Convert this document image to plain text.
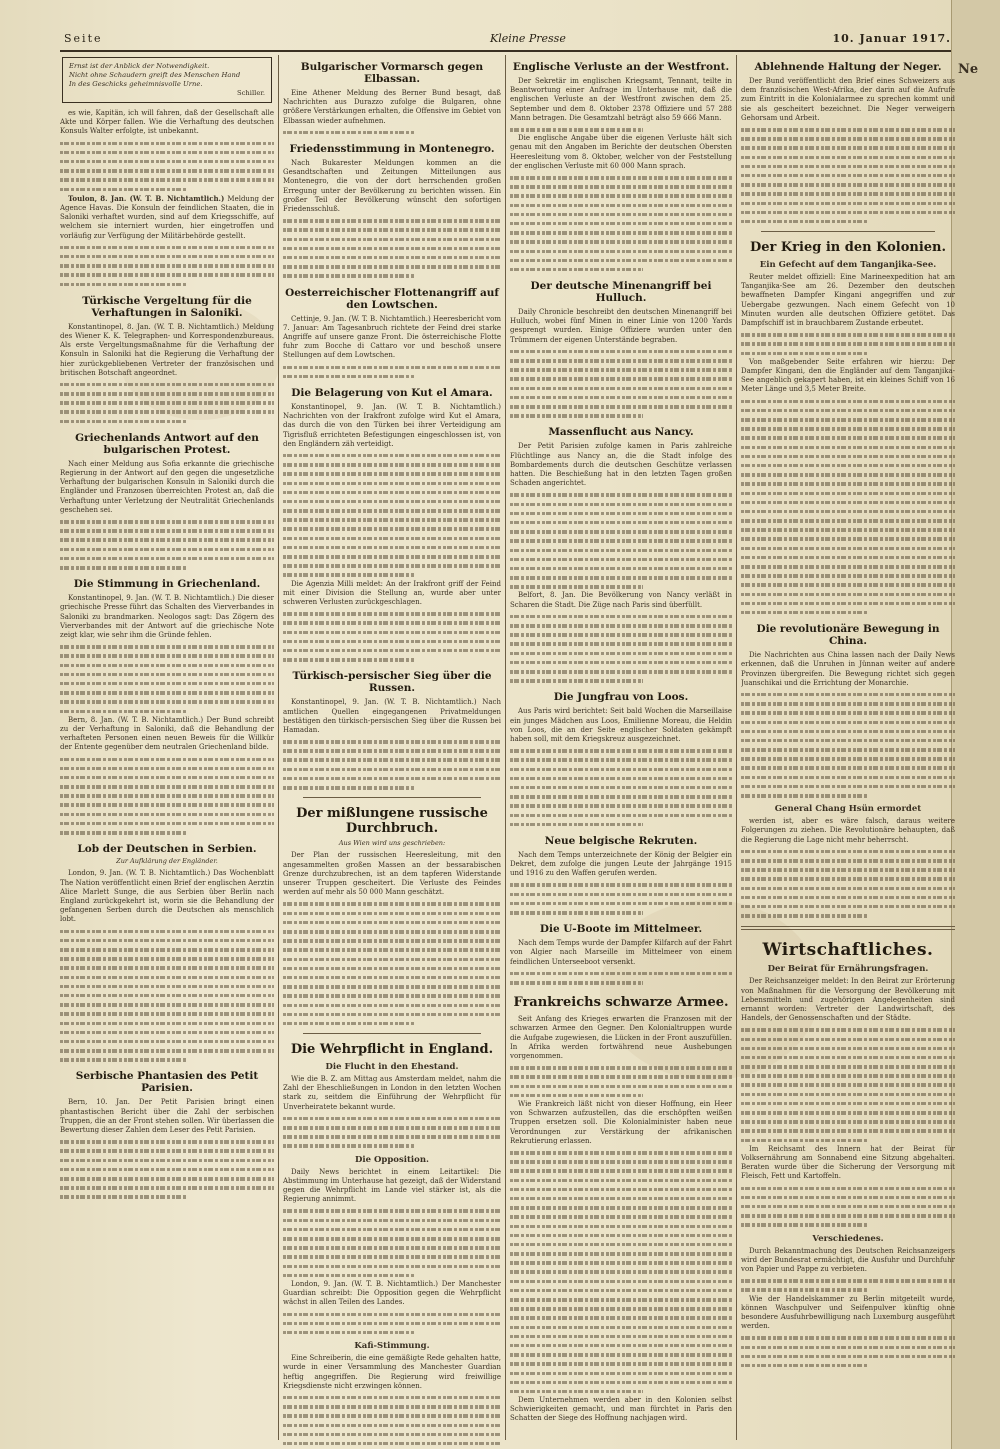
Seite	Kleine Presse	10. Januar 1917.
Ne
Ernst ist der Anblick der Notwendigkeit.
Nicht ohne Schaudern greift des Menschen Hand
In des Geschicks geheimnisvolle Urne.
Schiller.

es wie, Kapitän, ich will fahren, daß der Gesellschaft alle Akte und Körper fallen. Wie die Verhaftung des deutschen Konsuls Walter erfolgte, ist unbekannt.

Toulon, 8. Jan. (W. T. B. Nichtamtlich.) Meldung der Agence Havas. Die Konsuln der feindlichen Staaten, die in Saloniki verhaftet wurden, sind auf dem Kriegsschiffe, auf welchem sie interniert wurden, hier eingetroffen und vorläufig zur Verfügung der Militärbehörde gestellt.

Türkische Vergeltung für die Verhaftungen in Saloniki.

Konstantinopel, 8. Jan. (W. T. B. Nichtamtlich.) Meldung des Wiener K. K. Telegraphen- und Korrespondenzbureaus. Als erste Vergeltungsmaßnahme für die Verhaftung der Konsuln in Saloniki hat die Regierung die Verhaftung der hier zurückgebliebenen Vertreter der französischen und britischen Botschaft angeordnet.

Griechenlands Antwort auf den bulgarischen Protest.

Nach einer Meldung aus Sofia erkannte die griechische Regierung in der Antwort auf den gegen die ungesetzliche Verhaftung der bulgarischen Konsuln in Saloniki durch die Engländer und Franzosen überreichten Protest an, daß die Verhaftung unter Verletzung der Neutralität Griechenlands geschehen sei.

Die Stimmung in Griechenland.

Konstantinopel, 9. Jan. (W. T. B. Nichtamtlich.) Die dieser griechische Presse führt das Schalten des Vierverbandes in Saloniki zu brandmarken. Neologos sagt: Das Zögern des Vierverbandes mit der Antwort auf die griechische Note zeigt klar, wie sehr ihm die Gründe fehlen.

Bern, 8. Jan. (W. T. B. Nichtamtlich.) Der Bund schreibt zu der Verhaftung in Saloniki, daß die Behandlung der verhafteten Personen einen neuen Beweis für die Willkür der Entente gegenüber dem neutralen Griechenland bilde.

Lob der Deutschen in Serbien.
Zur Aufklärung der Engländer.

London, 9. Jan. (W. T. B. Nichtamtlich.) Das Wochenblatt The Nation veröffentlicht einen Brief der englischen Aerztin Alice Marlett Sunge, die aus Serbien über Berlin nach England zurückgekehrt ist, worin sie die Behandlung der gefangenen Serben durch die Deutschen als menschlich lobt.

Serbische Phantasien des Petit Parisien.

Bern, 10. Jan. Der Petit Parisien bringt einen phantastischen Bericht über die Zahl der serbischen Truppen, die an der Front stehen sollen. Wir überlassen die Bewertung dieser Zahlen dem Leser des Petit Parisien.

Bulgarischer Vormarsch gegen Elbassan.

Eine Athener Meldung des Berner Bund besagt, daß Nachrichten aus Durazzo zufolge die Bulgaren, ohne größere Verstärkungen erhalten, die Offensive im Gebiet von Elbassan wieder aufnehmen.

Friedensstimmung in Montenegro.

Nach Bukarester Meldungen kommen an die Gesandtschaften und Zeitungen Mitteilungen aus Montenegro, die von der dort herrschenden großen Erregung unter der Bevölkerung zu berichten wissen. Ein großer Teil der Bevölkerung wünscht den sofortigen Friedensschluß.

Oesterreichischer Flottenangriff auf den Lowtschen.

Cettinje, 9. Jan. (W. T. B. Nichtamtlich.) Heeresbericht vom 7. Januar: Am Tagesanbruch richtete der Feind drei starke Angriffe auf unsere ganze Front. Die österreichische Flotte fuhr zum Bocche di Cattaro vor und beschoß unsere Stellungen auf dem Lowtschen.

Die Belagerung von Kut el Amara.

Konstantinopel, 9. Jan. (W. T. B. Nichtamtlich.) Nachrichten von der Irakfront zufolge wird Kut el Amara, das durch die von den Türken bei ihrer Verteidigung am Tigrisfluß errichteten Befestigungen eingeschlossen ist, von den Engländern zäh verteidigt.

Die Agenzia Milli meldet: An der Irakfront griff der Feind mit einer Division die Stellung an, wurde aber unter schweren Verlusten zurückgeschlagen.

Türkisch-persischer Sieg über die Russen.

Konstantinopel, 9. Jan. (W. T. B. Nichtamtlich.) Nach amtlichen Quellen eingegangenen Privatmeldungen bestätigen den türkisch-persischen Sieg über die Russen bei Hamadan.

Der mißlungene russische Durchbruch.
Aus Wien wird uns geschrieben:

Der Plan der russischen Heeresleitung, mit den angesammelten großen Massen an der bessarabischen Grenze durchzubrechen, ist an dem tapferen Widerstande unserer Truppen gescheitert. Die Verluste des Feindes werden auf mehr als 50 000 Mann geschätzt.

Die Wehrpflicht in England.
Die Flucht in den Ehestand.

Wie die B. Z. am Mittag aus Amsterdam meldet, nahm die Zahl der Eheschließungen in London in den letzten Wochen stark zu, seitdem die Einführung der Wehrpflicht für Unverheiratete bekannt wurde.

Die Opposition.

Daily News berichtet in einem Leitartikel: Die Abstimmung im Unterhause hat gezeigt, daß der Widerstand gegen die Wehrpflicht im Lande viel stärker ist, als die Regierung annimmt.

London, 9. Jan. (W. T. B. Nichtamtlich.) Der Manchester Guardian schreibt: Die Opposition gegen die Wehrpflicht wächst in allen Teilen des Landes.

Kafi-Stimmung.

Eine Schreiberin, die eine gemäßigte Rede gehalten hatte, wurde in einer Versammlung des Manchester Guardian heftig angegriffen. Die Regierung wird freiwillige Kriegsdienste nicht erzwingen können.

Englische Verluste an der Westfront.

Der Sekretär im englischen Kriegsamt, Tennant, teilte in Beantwortung einer Anfrage im Unterhause mit, daß die englischen Verluste an der Westfront zwischen dem 25. September und dem 8. Oktober 2378 Offiziere und 57 288 Mann betragen. Die Gesamtzahl beträgt also 59 666 Mann.

Die englische Angabe über die eigenen Verluste hält sich genau mit den Angaben im Berichte der deutschen Obersten Heeresleitung vom 8. Oktober, welcher von der Feststellung der englischen Verluste mit 60 000 Mann sprach.

Der deutsche Minenangriff bei Hulluch.

Daily Chronicle beschreibt den deutschen Minenangriff bei Hulluch, wobei fünf Minen in einer Linie von 1200 Yards gesprengt wurden. Einige Offiziere wurden unter den Trümmern der eigenen Unterstände begraben.

Massenflucht aus Nancy.

Der Petit Parisien zufolge kamen in Paris zahlreiche Flüchtlinge aus Nancy an, die die Stadt infolge des Bombardements durch die deutschen Geschütze verlassen hatten. Die Beschießung hat in den letzten Tagen großen Schaden angerichtet.

Belfort, 8. Jan. Die Bevölkerung von Nancy verläßt in Scharen die Stadt. Die Züge nach Paris sind überfüllt.

Die Jungfrau von Loos.

Aus Paris wird berichtet: Seit bald Wochen die Marseillaise ein junges Mädchen aus Loos, Emilienne Moreau, die Heldin von Loos, die an der Seite englischer Soldaten gekämpft haben soll, mit dem Kriegskreuz ausgezeichnet.

Neue belgische Rekruten.

Nach dem Temps unterzeichnete der König der Belgier ein Dekret, dem zufolge die jungen Leute der Jahrgänge 1915 und 1916 zu den Waffen gerufen werden.

Die U-Boote im Mittelmeer.

Nach dem Temps wurde der Dampfer Kilfarch auf der Fahrt von Algier nach Marseille im Mittelmeer von einem feindlichen Unterseeboot versenkt.

Frankreichs schwarze Armee.

Seit Anfang des Krieges erwarten die Franzosen mit der schwarzen Armee den Gegner. Den Kolonialtruppen wurde die Aufgabe zugewiesen, die Lücken in der Front auszufüllen. In Afrika werden fortwährend neue Aushebungen vorgenommen.

Wie Frankreich läßt nicht von dieser Hoffnung, ein Heer von Schwarzen aufzustellen, das die erschöpften weißen Truppen ersetzen soll. Die Kolonialminister haben neue Verordnungen zur Verstärkung der afrikanischen Rekrutierung erlassen.

Dem Unternehmen werden aber in den Kolonien selbst Schwierigkeiten gemacht, und man fürchtet in Paris den Schatten der Siege des Hoffnung nachjagen wird.

Ablehnende Haltung der Neger.

Der Bund veröffentlicht den Brief eines Schweizers aus dem französischen West-Afrika, der darin auf die Aufrufe zum Eintritt in die Kolonialarmee zu sprechen kommt und sie als gescheitert bezeichnet. Die Neger verweigern Gehorsam und Arbeit.

Der Krieg in den Kolonien.
Ein Gefecht auf dem Tanganjika-See.

Reuter meldet offiziell: Eine Marineexpedition hat am Tanganjika-See am 26. Dezember den deutschen bewaffneten Dampfer Kingani angegriffen und zur Uebergabe gezwungen. Nach einem Gefecht von 10 Minuten wurden alle deutschen Offiziere getötet. Das Dampfschiff ist in brauchbarem Zustande erbeutet.

Von maßgebender Seite erfahren wir hierzu: Der Dampfer Kingani, den die Engländer auf dem Tanganjika-See angeblich gekapert haben, ist ein kleines Schiff von 16 Meter Länge und 3,5 Meter Breite.

Die revolutionäre Bewegung in China.

Die Nachrichten aus China lassen nach der Daily News erkennen, daß die Unruhen in Jünnan weiter auf andere Provinzen übergreifen. Die Bewegung richtet sich gegen Juanschikai und die Errichtung der Monarchie.

General Chang Hsün ermordet

werden ist, aber es wäre falsch, daraus weitere Folgerungen zu ziehen. Die Revolutionäre behaupten, daß die Regierung die Lage nicht mehr beherrscht.

Wirtschaftliches.
Der Beirat für Ernährungsfragen.

Der Reichsanzeiger meldet: In den Beirat zur Erörterung von Maßnahmen für die Versorgung der Bevölkerung mit Lebensmitteln und zugehörigen Angelegenheiten sind ernannt worden: Vertreter der Landwirtschaft, des Handels, der Genossenschaften und der Städte.

Im Reichsamt des Innern hat der Beirat für Volksernährung am Sonnabend eine Sitzung abgehalten. Beraten wurde über die Sicherung der Versorgung mit Fleisch, Fett und Kartoffeln.

Verschiedenes.

Durch Bekanntmachung des Deutschen Reichsanzeigers wird der Bundesrat ermächtigt, die Ausfuhr und Durchfuhr von Papier und Pappe zu verbieten.

Wie der Handelskammer zu Berlin mitgeteilt wurde, können Waschpulver und Seifenpulver künftig ohne besondere Ausfuhrbewilligung nach Luxemburg ausgeführt werden.
